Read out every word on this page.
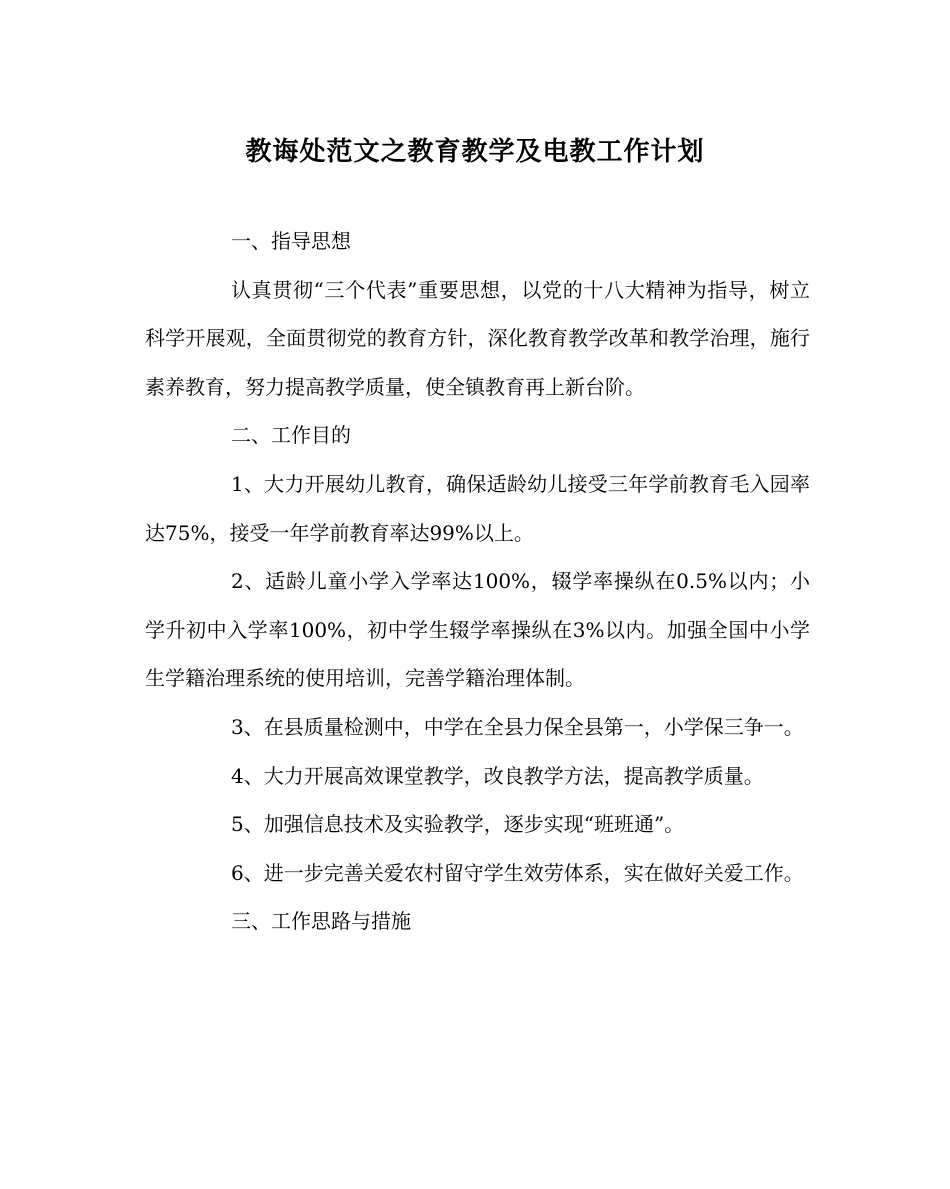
教诲处范文之教育教学及电教工作计划

一、指导思想

认真贯彻“三个代表”重要思想，以党的十八大精神为指导，树立科学开展观，全面贯彻党的教育方针，深化教育教学改革和教学治理，施行素养教育，努力提高教学质量，使全镇教育再上新台阶。

二、工作目的

1、大力开展幼儿教育，确保适龄幼儿接受三年学前教育毛入园率达75%，接受一年学前教育率达99%以上。

2、适龄儿童小学入学率达100%，辍学率操纵在0.5%以内；小学升初中入学率100%，初中学生辍学率操纵在3%以内。加强全国中小学生学籍治理系统的使用培训，完善学籍治理体制。

3、在县质量检测中，中学在全县力保全县第一，小学保三争一。

4、大力开展高效课堂教学，改良教学方法，提高教学质量。

5、加强信息技术及实验教学，逐步实现“班班通”。

6、进一步完善关爱农村留守学生效劳体系，实在做好关爱工作。

三、工作思路与措施
